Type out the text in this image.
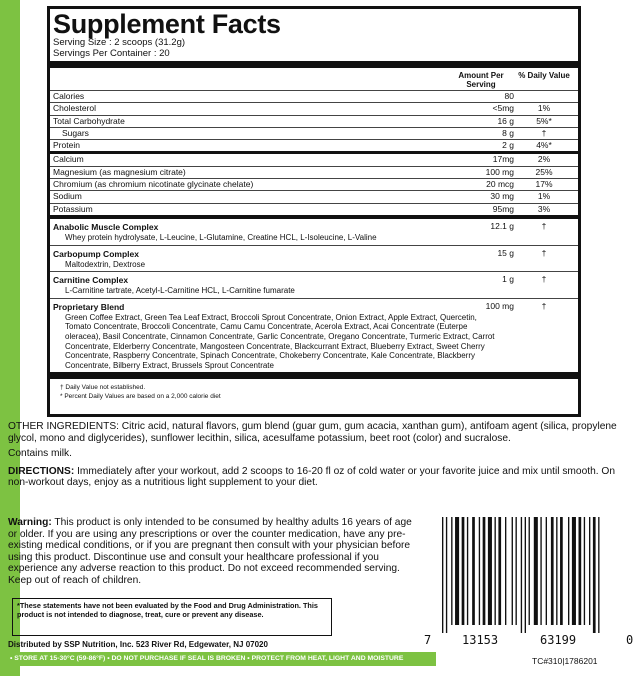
Supplement Facts
Serving Size : 2 scoops (31.2g)
Servings Per Container : 20
Amount Per Serving
% Daily Value
Calories	80
Cholesterol	<5mg	1%
Total Carbohydrate	16 g	5%*
Sugars	8 g	†
Protein	2 g	4%*
Calcium	17mg	2%
Magnesium (as magnesium citrate)	100 mg	25%
Chromium (as chromium nicotinate glycinate chelate)	20 mcg	17%
Sodium	30 mg	1%
Potassium	95mg	3%
Anabolic Muscle Complex
Whey protein hydrolysate, L-Leucine, L-Glutamine, Creatine HCL, L-Isoleucine, L-Valine
12.1 g	†
Carbopump Complex
Maltodextrin, Dextrose
15 g	†
Carnitine Complex
L-Carnitine tartrate, Acetyl-L-Carnitine HCL, L-Carnitine fumarate
1 g	†
Proprietary Blend
Green Coffee Extract, Green Tea Leaf Extract, Broccoli Sprout Concentrate, Onion Extract, Apple Extract, Quercetin, Tomato Concentrate, Broccoli Concentrate, Camu Camu Concentrate, Acerola Extract, Acai Concentrate (Euterpe oleracea), Basil Concentrate, Cinnamon Concentrate, Garlic Concentrate, Oregano Concentrate, Turmeric Extract, Carrot Concentrate, Elderberry Concentrate, Mangosteen Concentrate, Blackcurrant Extract, Blueberry Extract, Sweet Cherry Concentrate, Raspberry Concentrate, Spinach Concentrate, Chokeberry Concentrate, Kale Concentrate, Blackberry Concentrate, Bilberry Extract, Brussels Sprout Concentrate
100 mg	†
† Daily Value not established.
* Percent Daily Values are based on a 2,000 calorie diet
OTHER INGREDIENTS: Citric acid, natural flavors, gum blend (guar gum, gum acacia, xanthan gum), antifoam agent (silica, propylene glycol, mono and diglycerides), sunflower lecithin, silica, acesulfame potassium, beet root (color) and sucralose.
Contains milk.
DIRECTIONS: Immediately after your workout, add 2 scoops to 16-20 fl oz of cold water or your favorite juice and mix until smooth. On non-workout days, enjoy as a nutritious light supplement to your diet.
Warning: This product is only intended to be consumed by healthy adults 16 years of age or older. If you are using any prescriptions or over the counter medication, have any pre-existing medical conditions, or if you are pregnant then consult with your physician before using this product. Discontinue use and consult your healthcare professional if you experience any adverse reaction to this product. Do not exceed recommended serving. Keep out of reach of children.
*These statements have not been evaluated by the Food and Drug Administration. This product is not intended to diagnose, treat, cure or prevent any disease.
Distributed by SSP Nutrition, Inc. 523 River Rd, Edgewater, NJ 07020
• STORE AT 15-30°C (59-86°F) • DO NOT PURCHASE IF SEAL IS BROKEN • PROTECT FROM HEAT, LIGHT AND MOISTURE
7	13153	63199	0
TC#310|1786201
